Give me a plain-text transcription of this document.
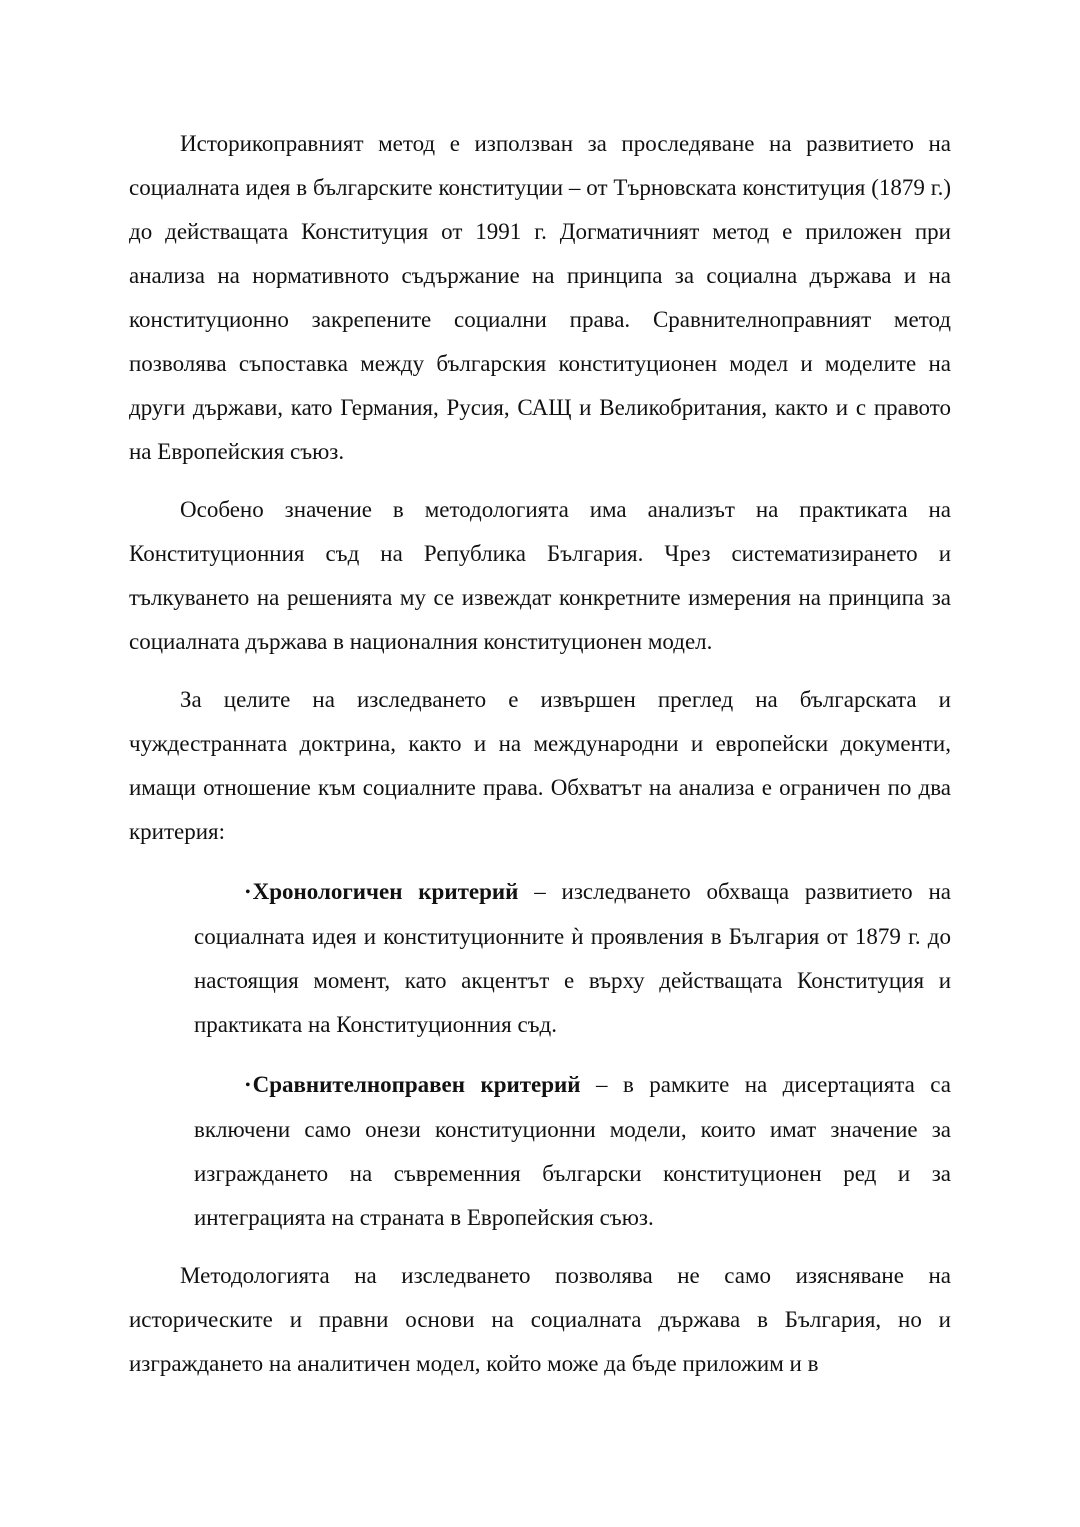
Историкоправният метод е използван за проследяване на развитието на социалната идея в българските конституции – от Търновската конституция (1879 г.) до действащата Конституция от 1991 г. Догматичният метод е приложен при анализа на нормативното съдържание на принципа за социална държава и на конституционно закрепените социални права. Сравнителноправният метод позволява съпоставка между българския конституционен модел и моделите на други държави, като Германия, Русия, САЩ и Великобритания, както и с правото на Европейския съюз.

Особено значение в методологията има анализът на практиката на Конституционния съд на Република България. Чрез систематизирането и тълкуването на решенията му се извеждат конкретните измерения на принципа за социалната държава в националния конституционен модел.

За целите на изследването е извършен преглед на българската и чуждестранната доктрина, както и на международни и европейски документи, имащи отношение към социалните права. Обхватът на анализа е ограничен по два критерия:

•Хронологичен критерий – изследването обхваща развитието на социалната идея и конституционните ѝ проявления в България от 1879 г. до настоящия момент, като акцентът е върху действащата Конституция и практиката на Конституционния съд.

•Сравнителноправен критерий – в рамките на дисертацията са включени само онези конституционни модели, които имат значение за изграждането на съвременния български конституционен ред и за интеграцията на страната в Европейския съюз.

Методологията на изследването позволява не само изясняване на историческите и правни основи на социалната държава в България, но и изграждането на аналитичен модел, който може да бъде приложим и в
